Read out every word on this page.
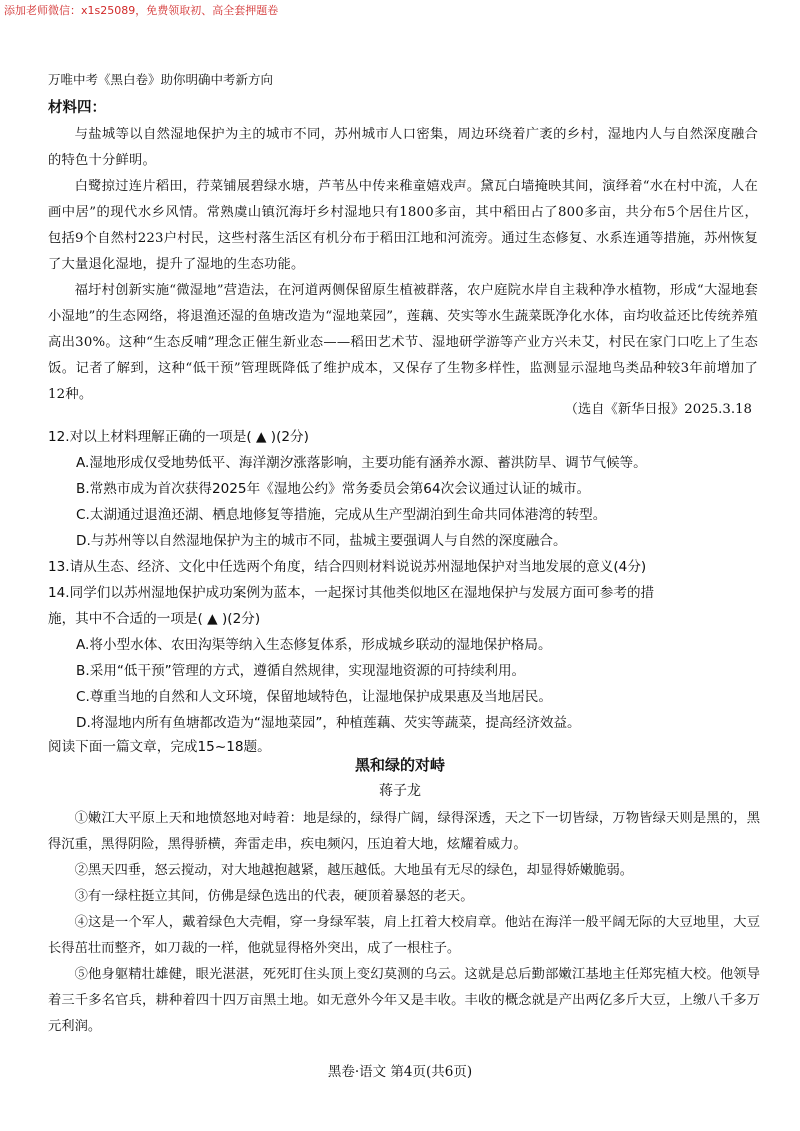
添加老师微信：x1s25089，免费领取初、高全套押题卷
万唯中考《黑白卷》助你明确中考新方向
材料四：
与盐城等以自然湿地保护为主的城市不同，苏州城市人口密集，周边环绕着广袤的乡村，湿地内人与自然深度融合的特色十分鲜明。
白鹭掠过连片稻田，荇菜铺展碧绿水塘，芦苇丛中传来稚童嬉戏声。黛瓦白墙掩映其间，演绎着“水在村中流，人在画中居”的现代水乡风情。常熟虞山镇沉海圩乡村湿地只有1800多亩，其中稻田占了800多亩，共分布5个居住片区，包括9个自然村223户村民，这些村落生活区有机分布于稻田江地和河流旁。通过生态修复、水系连通等措施，苏州恢复了大量退化湿地，提升了湿地的生态功能。
福圩村创新实施“微湿地”营造法，在河道两侧保留原生植被群落，农户庭院水岸自主栽种净水植物，形成“大湿地套小湿地”的生态网络，将退渔还湿的鱼塘改造为“湿地菜园”，莲藕、芡实等水生蔬菜既净化水体，亩均收益还比传统养殖高出30%。这种“生态反哺”理念正催生新业态——稻田艺术节、湿地研学游等产业方兴未艾，村民在家门口吃上了生态饭。记者了解到，这种“低干预”管理既降低了维护成本，又保存了生物多样性，监测显示湿地鸟类品种较3年前增加了12种。
（选自《新华日报》2025.3.18
12.对以上材料理解正确的一项是( ▲ )(2分)
A.湿地形成仅受地势低平、海洋潮汐涨落影响，主要功能有涵养水源、蓄洪防旱、调节气候等。
B.常熟市成为首次获得2025年《湿地公约》常务委员会第64次会议通过认证的城市。
C.太湖通过退渔还湖、栖息地修复等措施，完成从生产型湖泊到生命共同体港湾的转型。
D.与苏州等以自然湿地保护为主的城市不同，盐城主要强调人与自然的深度融合。
13.请从生态、经济、文化中任选两个角度，结合四则材料说说苏州湿地保护对当地发展的意义(4分)
14.同学们以苏州湿地保护成功案例为蓝本，一起探讨其他类似地区在湿地保护与发展方面可参考的措
施，其中不合适的一项是( ▲ )(2分)
A.将小型水体、农田沟渠等纳入生态修复体系，形成城乡联动的湿地保护格局。
B.采用“低干预”管理的方式，遵循自然规律，实现湿地资源的可持续利用。
C.尊重当地的自然和人文环境，保留地域特色，让湿地保护成果惠及当地居民。
D.将湿地内所有鱼塘都改造为“湿地菜园”，种植莲藕、芡实等蔬菜，提高经济效益。
阅读下面一篇文章，完成15~18题。
黑和绿的对峙
蒋子龙
①嫩江大平原上天和地愤怒地对峙着：地是绿的，绿得广阔，绿得深透，天之下一切皆绿，万物皆绿天则是黑的，黑得沉重，黑得阴险，黑得骄横，奔雷走串，疾电频闪，压迫着大地，炫耀着威力。
②黑天四垂，怒云搅动，对大地越抱越紧，越压越低。大地虽有无尽的绿色，却显得娇嫩脆弱。
③有一绿柱挺立其间，仿佛是绿色选出的代表，硬顶着暴怒的老天。
④这是一个军人，戴着绿色大壳帽，穿一身绿军装，肩上扛着大校肩章。他站在海洋一般平阔无际的大豆地里，大豆长得茁壮而整齐，如刀裁的一样，他就显得格外突出，成了一根柱子。
⑤他身躯精壮雄健，眼光湛湛，死死盯住头顶上变幻莫测的乌云。这就是总后勤部嫩江基地主任郑宪植大校。他领导着三千多名官兵，耕种着四十四万亩黑土地。如无意外今年又是丰收。丰收的概念就是产出两亿多斤大豆，上缴八千多万元利润。
黑卷·语文 第4页(共6页)
